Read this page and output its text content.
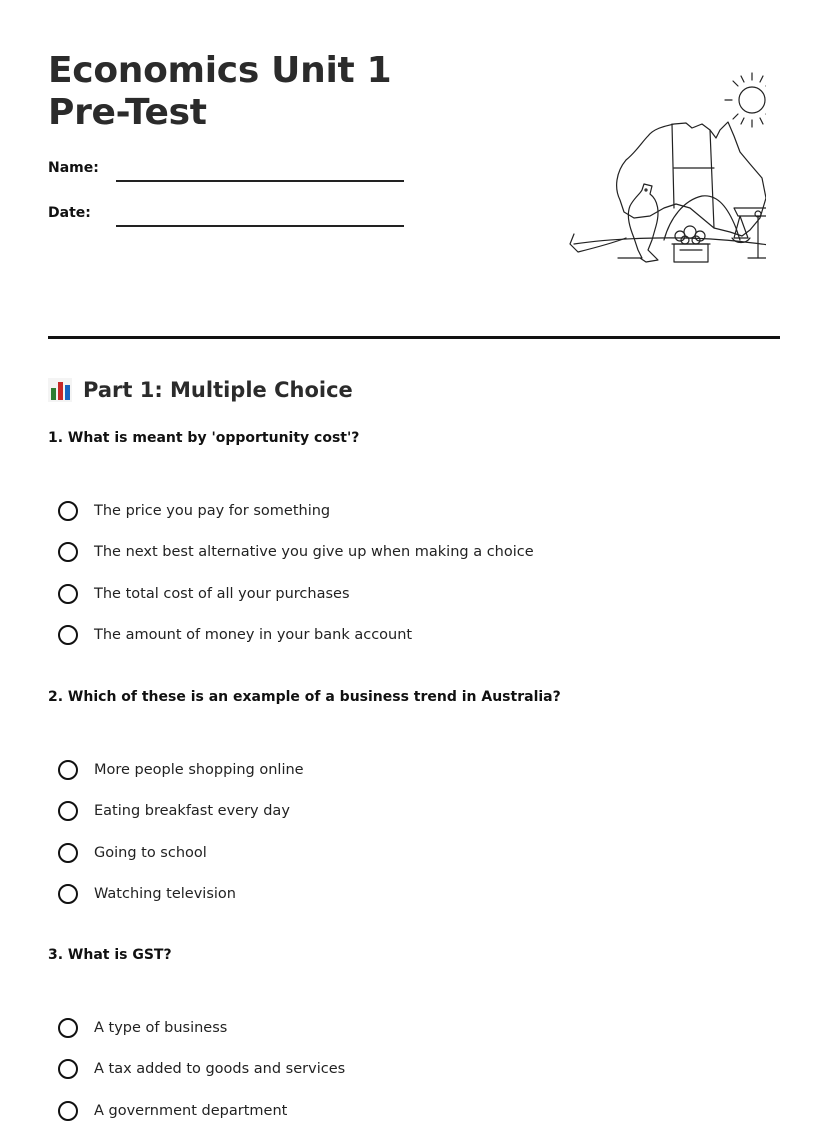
Economics Unit 1 Pre-Test
Name:
Date:
Part 1: Multiple Choice
1. What is meant by 'opportunity cost'?
The price you pay for something
The next best alternative you give up when making a choice
The total cost of all your purchases
The amount of money in your bank account
2. Which of these is an example of a business trend in Australia?
More people shopping online
Eating breakfast every day
Going to school
Watching television
3. What is GST?
A type of business
A tax added to goods and services
A government department
